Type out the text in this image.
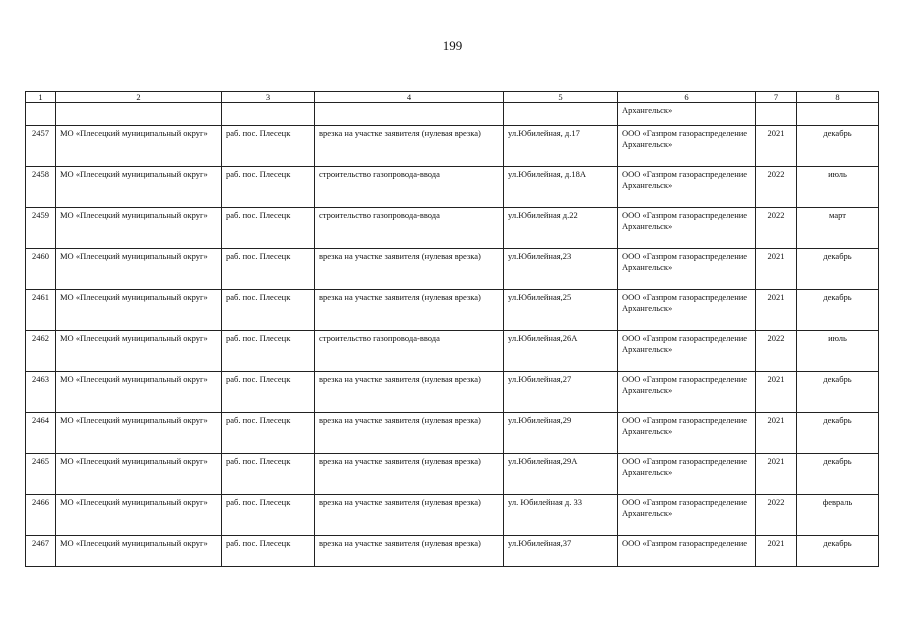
199
1	2	3	4	5	6	7	8
					Архангельск»		
2457	МО «Плесецкий муниципальный округ»	раб. пос. Плесецк	врезка на участке заявителя (нулевая врезка)	ул.Юбилейная, д.17	ООО «Газпром газораспределение Архангельск»	2021	декабрь
2458	МО «Плесецкий муниципальный округ»	раб. пос. Плесецк	строительство газопровода-ввода	ул.Юбилейная, д.18А	ООО «Газпром газораспределение Архангельск»	2022	июль
2459	МО «Плесецкий муниципальный округ»	раб. пос. Плесецк	строительство газопровода-ввода	ул.Юбилейная д.22	ООО «Газпром газораспределение Архангельск»	2022	март
2460	МО «Плесецкий муниципальный округ»	раб. пос. Плесецк	врезка на участке заявителя (нулевая врезка)	ул.Юбилейная,23	ООО «Газпром газораспределение Архангельск»	2021	декабрь
2461	МО «Плесецкий муниципальный округ»	раб. пос. Плесецк	врезка на участке заявителя (нулевая врезка)	ул.Юбилейная,25	ООО «Газпром газораспределение Архангельск»	2021	декабрь
2462	МО «Плесецкий муниципальный округ»	раб. пос. Плесецк	строительство газопровода-ввода	ул.Юбилейная,26А	ООО «Газпром газораспределение Архангельск»	2022	июль
2463	МО «Плесецкий муниципальный округ»	раб. пос. Плесецк	врезка на участке заявителя (нулевая врезка)	ул.Юбилейная,27	ООО «Газпром газораспределение Архангельск»	2021	декабрь
2464	МО «Плесецкий муниципальный округ»	раб. пос. Плесецк	врезка на участке заявителя (нулевая врезка)	ул.Юбилейная,29	ООО «Газпром газораспределение Архангельск»	2021	декабрь
2465	МО «Плесецкий муниципальный округ»	раб. пос. Плесецк	врезка на участке заявителя (нулевая врезка)	ул.Юбилейная,29А	ООО «Газпром газораспределение Архангельск»	2021	декабрь
2466	МО «Плесецкий муниципальный округ»	раб. пос. Плесецк	врезка на участке заявителя (нулевая врезка)	ул. Юбилейная д. 33	ООО «Газпром газораспределение Архангельск»	2022	февраль
2467	МО «Плесецкий муниципальный округ»	раб. пос. Плесецк	врезка на участке заявителя (нулевая врезка)	ул.Юбилейная,37	ООО «Газпром газораспределение	2021	декабрь
